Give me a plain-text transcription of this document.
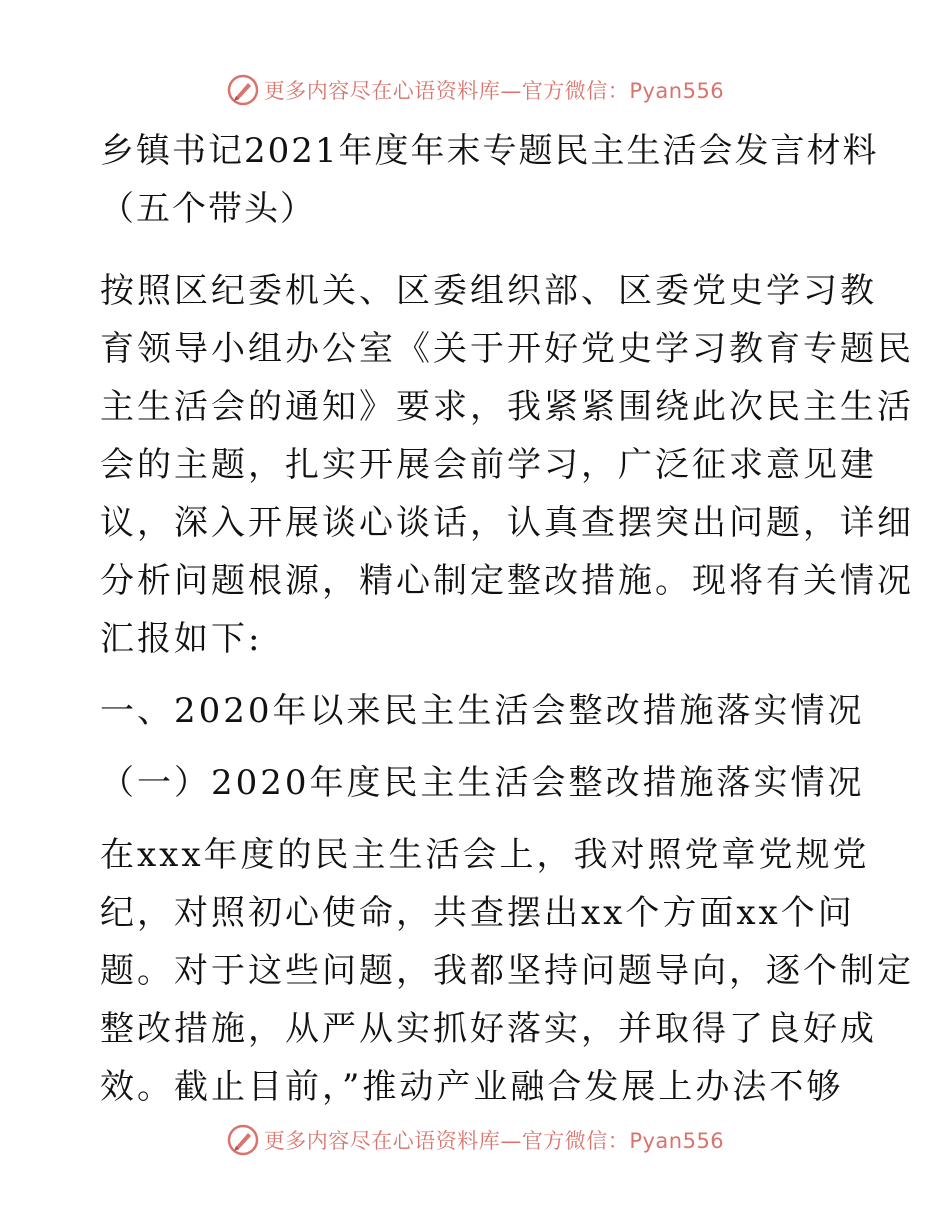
更多内容尽在心语资料库—官方微信：Pyan556
乡镇书记2021年度年末专题民主生活会发言材料
（五个带头）
按照区纪委机关、区委组织部、区委党史学习教
育领导小组办公室《关于开好党史学习教育专题民
主生活会的通知》要求，我紧紧围绕此次民主生活
会的主题，扎实开展会前学习，广泛征求意见建
议，深入开展谈心谈话，认真查摆突出问题，详细
分析问题根源，精心制定整改措施。现将有关情况
汇报如下:
一、2020年以来民主生活会整改措施落实情况
（一）2020年度民主生活会整改措施落实情况
在xxx年度的民主生活会上，我对照党章党规党
纪，对照初心使命，共查摆出xx个方面xx个问
题。对于这些问题，我都坚持问题导向，逐个制定
整改措施，从严从实抓好落实，并取得了良好成
效。截止目前，”推动产业融合发展上办法不够
更多内容尽在心语资料库—官方微信：Pyan556
